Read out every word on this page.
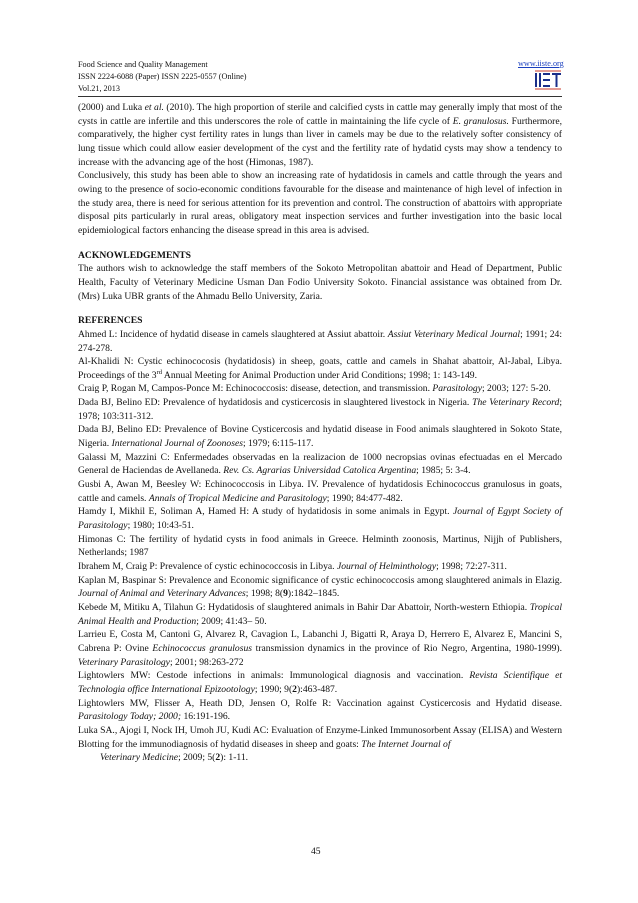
Food Science and Quality Management
ISSN 2224-6088 (Paper) ISSN 2225-0557 (Online)
Vol.21, 2013
www.iiste.org

(2000) and Luka et al. (2010). The high proportion of sterile and calcified cysts in cattle may generally imply that most of the cysts in cattle are infertile and this underscores the role of cattle in maintaining the life cycle of E. granulosus. Furthermore, comparatively, the higher cyst fertility rates in lungs than liver in camels may be due to the relatively softer consistency of lung tissue which could allow easier development of the cyst and the fertility rate of hydatid cysts may show a tendency to increase with the advancing age of the host (Himonas, 1987).

Conclusively, this study has been able to show an increasing rate of hydatidosis in camels and cattle through the years and owing to the presence of socio-economic conditions favourable for the disease and maintenance of high level of infection in the study area, there is need for serious attention for its prevention and control. The construction of abattoirs with appropriate disposal pits particularly in rural areas, obligatory meat inspection services and further investigation into the basic local epidemiological factors enhancing the disease spread in this area is advised.

ACKNOWLEDGEMENTS

The authors wish to acknowledge the staff members of the Sokoto Metropolitan abattoir and Head of Department, Public Health, Faculty of Veterinary Medicine Usman Dan Fodio University Sokoto. Financial assistance was obtained from Dr. (Mrs) Luka UBR grants of the Ahmadu Bello University, Zaria.

REFERENCES

Ahmed L: Incidence of hydatid disease in camels slaughtered at Assiut abattoir. Assiut Veterinary Medical Journal; 1991; 24: 274-278.

Al-Khalidi N: Cystic echinococosis (hydatidosis) in sheep, goats, cattle and camels in Shahat abattoir, Al-Jabal, Libya. Proceedings of the 3rd Annual Meeting for Animal Production under Arid Conditions; 1998; 1: 143-149.

Craig P, Rogan M, Campos-Ponce M: Echinococcosis: disease, detection, and transmission. Parasitology; 2003; 127: 5-20.

Dada BJ, Belino ED: Prevalence of hydatidosis and cysticercosis in slaughtered livestock in Nigeria. The Veterinary Record; 1978; 103:311-312.

Dada BJ, Belino ED: Prevalence of Bovine Cysticercosis and hydatid disease in Food animals slaughtered in Sokoto State, Nigeria. International Journal of Zoonoses; 1979; 6:115-117.

Galassi M, Mazzini C: Enfermedades observadas en la realizacion de 1000 necropsias ovinas efectuadas en el Mercado General de Haciendas de Avellaneda. Rev. Cs. Agrarias Universidad Catolica Argentina; 1985; 5: 3-4.

Gusbi A, Awan M, Beesley W: Echinococcosis in Libya. IV. Prevalence of hydatidosis Echinococcus granulosus in goats, cattle and camels. Annals of Tropical Medicine and Parasitology; 1990; 84:477-482.

Hamdy I, Mikhil E, Soliman A, Hamed H: A study of hydatidosis in some animals in Egypt. Journal of Egypt Society of Parasitology; 1980; 10:43-51.

Himonas C: The fertility of hydatid cysts in food animals in Greece. Helminth zoonosis, Martinus, Nijjh of Publishers, Netherlands; 1987

Ibrahem M, Craig P: Prevalence of cystic echinococcosis in Libya. Journal of Helminthology; 1998; 72:27-311.

Kaplan M, Baspinar S: Prevalence and Economic significance of cystic echinococcosis among slaughtered animals in Elazig. Journal of Animal and Veterinary Advances; 1998; 8(9):1842–1845.

Kebede M, Mitiku A, Tilahun G: Hydatidosis of slaughtered animals in Bahir Dar Abattoir, North-western Ethiopia. Tropical Animal Health and Production; 2009; 41:43– 50.

Larrieu E, Costa M, Cantoni G, Alvarez R, Cavagion L, Labanchi J, Bigatti R, Araya D, Herrero E, Alvarez E, Mancini S, Cabrena P: Ovine Echinococcus granulosus transmission dynamics in the province of Rio Negro, Argentina, 1980-1999). Veterinary Parasitology; 2001; 98:263-272

Lightowlers MW: Cestode infections in animals: Immunological diagnosis and vaccination. Revista Scientifique et Technologia office International Epizootology; 1990; 9(2):463-487.

Lightowlers MW, Flisser A, Heath DD, Jensen O, Rolfe R: Vaccination against Cysticercosis and Hydatid disease. Parasitology Today; 2000; 16:191-196.

Luka SA., Ajogi I, Nock IH, Umoh JU, Kudi AC: Evaluation of Enzyme-Linked Immunosorbent Assay (ELISA) and Western Blotting for the immunodiagnosis of hydatid diseases in sheep and goats: The Internet Journal of
Veterinary Medicine; 2009; 5(2): 1-11.

45
